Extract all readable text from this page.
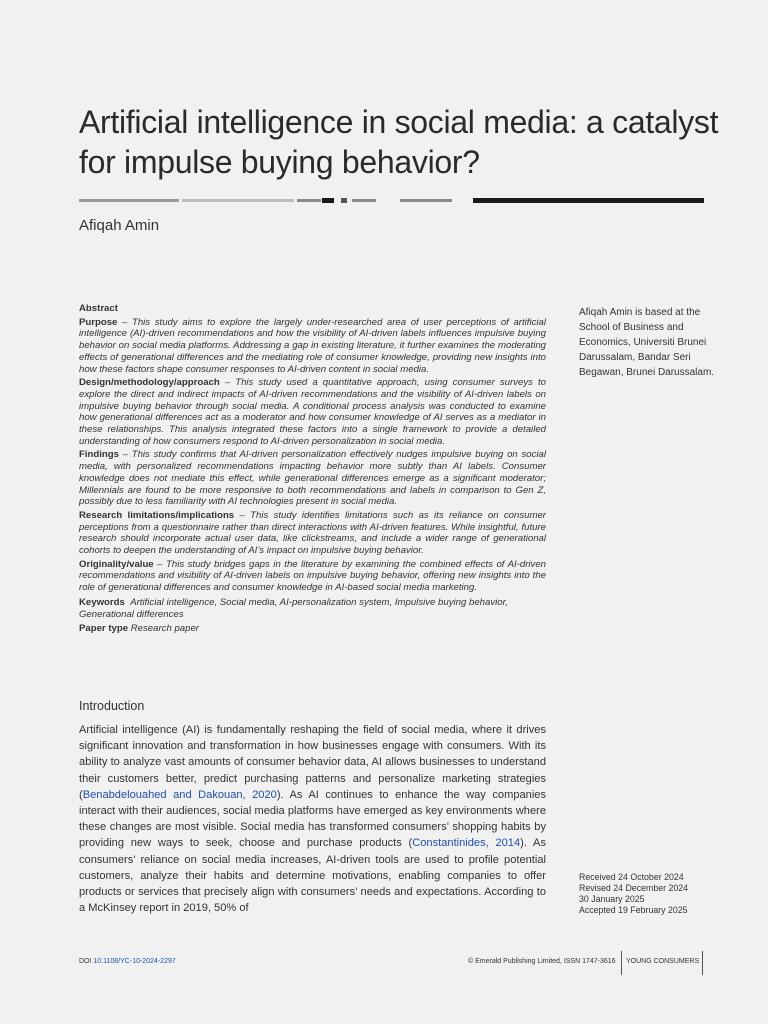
Artificial intelligence in social media: a catalyst for impulse buying behavior?
Afiqah Amin

Abstract

Purpose – This study aims to explore the largely under-researched area of user perceptions of artificial intelligence (AI)-driven recommendations and how the visibility of AI-driven labels influences impulsive buying behavior on social media platforms. Addressing a gap in existing literature, it further examines the moderating effects of generational differences and the mediating role of consumer knowledge, providing new insights into how these factors shape consumer responses to AI-driven content in social media.

Design/methodology/approach – This study used a quantitative approach, using consumer surveys to explore the direct and indirect impacts of AI-driven recommendations and the visibility of AI-driven labels on impulsive buying behavior through social media. A conditional process analysis was conducted to examine how generational differences act as a moderator and how consumer knowledge of AI serves as a mediator in these relationships. This analysis integrated these factors into a single framework to provide a detailed understanding of how consumers respond to AI-driven personalization in social media.

Findings – This study confirms that AI-driven personalization effectively nudges impulsive buying on social media, with personalized recommendations impacting behavior more subtly than AI labels. Consumer knowledge does not mediate this effect, while generational differences emerge as a significant moderator; Millennials are found to be more responsive to both recommendations and labels in comparison to Gen Z, possibly due to less familiarity with AI technologies present in social media.

Research limitations/implications – This study identifies limitations such as its reliance on consumer perceptions from a questionnaire rather than direct interactions with AI-driven features. While insightful, future research should incorporate actual user data, like clickstreams, and include a wider range of generational cohorts to deepen the understanding of AI’s impact on impulsive buying behavior.

Originality/value – This study bridges gaps in the literature by examining the combined effects of AI-driven recommendations and visibility of AI-driven labels on impulsive buying behavior, offering new insights into the role of generational differences and consumer knowledge in AI-based social media marketing.

Keywords Artificial intelligence, Social media, AI-personalization system, Impulsive buying behavior, Generational differences

Paper type Research paper

Afiqah Amin is based at the School of Business and Economics, Universiti Brunei Darussalam, Bandar Seri Begawan, Brunei Darussalam.
Introduction
Artificial intelligence (AI) is fundamentally reshaping the field of social media, where it drives significant innovation and transformation in how businesses engage with consumers. With its ability to analyze vast amounts of consumer behavior data, AI allows businesses to understand their customers better, predict purchasing patterns and personalize marketing strategies (Benabdelouahed and Dakouan, 2020). As AI continues to enhance the way companies interact with their audiences, social media platforms have emerged as key environments where these changes are most visible. Social media has transformed consumers’ shopping habits by providing new ways to seek, choose and purchase products (Constantinides, 2014). As consumers’ reliance on social media increases, AI-driven tools are used to profile potential customers, analyze their habits and determine motivations, enabling companies to offer products or services that precisely align with consumers’ needs and expectations. According to a McKinsey report in 2019, 50% of
Received 24 October 2024
Revised 24 December 2024
30 January 2025
Accepted 19 February 2025
DOI 10.1108/YC-10-2024-2297	© Emerald Publishing Limited, ISSN 1747-3616 YOUNG CONSUMERS
